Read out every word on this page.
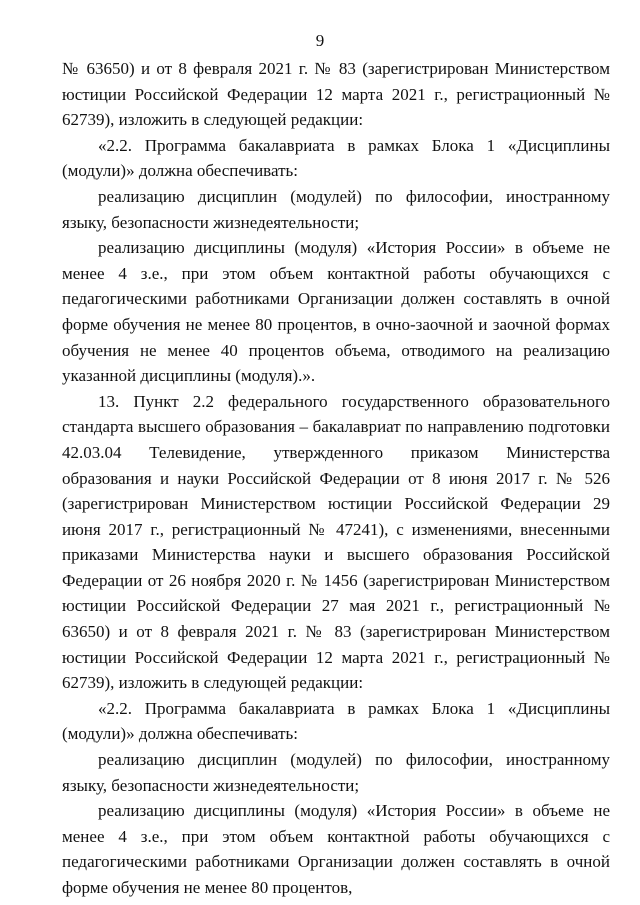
9

№ 63650) и от 8 февраля 2021 г. № 83 (зарегистрирован Министерством юстиции Российской Федерации 12 марта 2021 г., регистрационный № 62739), изложить в следующей редакции:

«2.2. Программа бакалавриата в рамках Блока 1 «Дисциплины (модули)» должна обеспечивать:

реализацию дисциплин (модулей) по философии, иностранному языку, безопасности жизнедеятельности;

реализацию дисциплины (модуля) «История России» в объеме не менее 4 з.е., при этом объем контактной работы обучающихся с педагогическими работниками Организации должен составлять в очной форме обучения не менее 80 процентов, в очно-заочной и заочной формах обучения не менее 40 процентов объема, отводимого на реализацию указанной дисциплины (модуля).».

13. Пункт 2.2 федерального государственного образовательного стандарта высшего образования – бакалавриат по направлению подготовки 42.03.04 Телевидение, утвержденного приказом Министерства образования и науки Российской Федерации от 8 июня 2017 г. № 526 (зарегистрирован Министерством юстиции Российской Федерации 29 июня 2017 г., регистрационный № 47241), с изменениями, внесенными приказами Министерства науки и высшего образования Российской Федерации от 26 ноября 2020 г. № 1456 (зарегистрирован Министерством юстиции Российской Федерации 27 мая 2021 г., регистрационный № 63650) и от 8 февраля 2021 г. № 83 (зарегистрирован Министерством юстиции Российской Федерации 12 марта 2021 г., регистрационный № 62739), изложить в следующей редакции:

«2.2. Программа бакалавриата в рамках Блока 1 «Дисциплины (модули)» должна обеспечивать:

реализацию дисциплин (модулей) по философии, иностранному языку, безопасности жизнедеятельности;

реализацию дисциплины (модуля) «История России» в объеме не менее 4 з.е., при этом объем контактной работы обучающихся с педагогическими работниками Организации должен составлять в очной форме обучения не менее 80 процентов,
